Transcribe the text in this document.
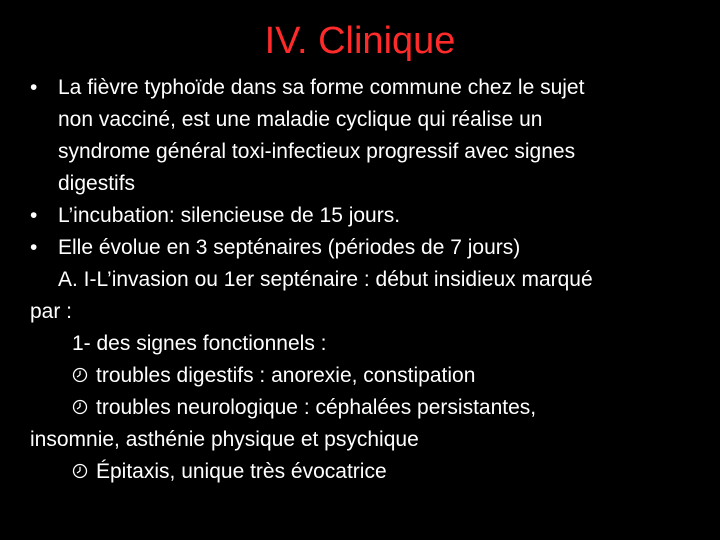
IV. Clinique
• La fièvre typhoïde dans sa forme commune chez le sujet
non vacciné, est une maladie cyclique qui réalise un
syndrome général toxi-infectieux progressif avec signes
digestifs
• L’incubation: silencieuse de 15 jours.
• Elle évolue en 3 septénaires (périodes de 7 jours)
A. I-L’invasion ou 1er septénaire : début insidieux marqué
par :
1- des signes fonctionnels :
troubles digestifs : anorexie, constipation
troubles neurologique : céphalées persistantes,
insomnie, asthénie physique et psychique
Épitaxis, unique très évocatrice
